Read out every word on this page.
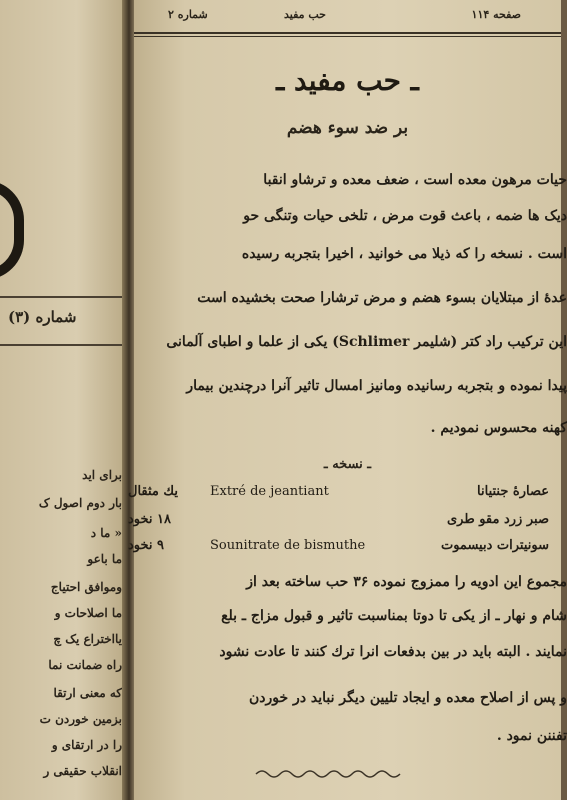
شماره (۳)
برای اید
بار دوم اصول ک
« ما د
ما باعو
وموافق احتیاج
ما اصلاحات و
یااختراع یک چ
راه ضمانت نما
که معنی ارتقا
بزمین خوردن ت
را در ارتقای و
انقلاب حقیقی ر
شماره ۲	حب مفید	صفحه ۱۱۴
ـ حب مفید ـ
بر ضد سوء هضم
حیات مرهون معده است ، ضعف معده و ترشاو انقبا
دیک ها ضمه ، باعث قوت مرض ، تلخی حیات وتنگی حو
است . نسخه را که ذیلا می خوانید ، اخیرا بتجربه رسیده
عدهٔ از مبتلایان بسوء هضم و مرض ترشارا صحت بخشیده است
این ترکیب راد کتر (شلیمر Schlimer) یکی از علما و اطبای آلمانی
پیدا نموده و بتجربه رسانیده ومانیز امسال تاثیر آنرا درچندین بیمار
کهنه محسوس نمودیم .
ـ نسخه ـ
یك مثقال Extré de jeantiant	عصارهٔ جنتیانا
۱۸ نخود	صبر زرد مقو طری
۹ نخود	Sounitrate de bismuthe	سونیترات دبیسموت
مجموع این ادویه را ممزوج نموده ۳۶ حب ساخته بعد از
شام و نهار ـ از یکی تا دوتا بمناسبت تاثیر و قبول مزاج ـ بلع
نمایند . البته باید در بین بدفعات انرا ترك كنند تا عادت نشود
و پس از اصلاح معده و ایجاد تلیین دیگر نباید در خوردن
تفننن نمود .
